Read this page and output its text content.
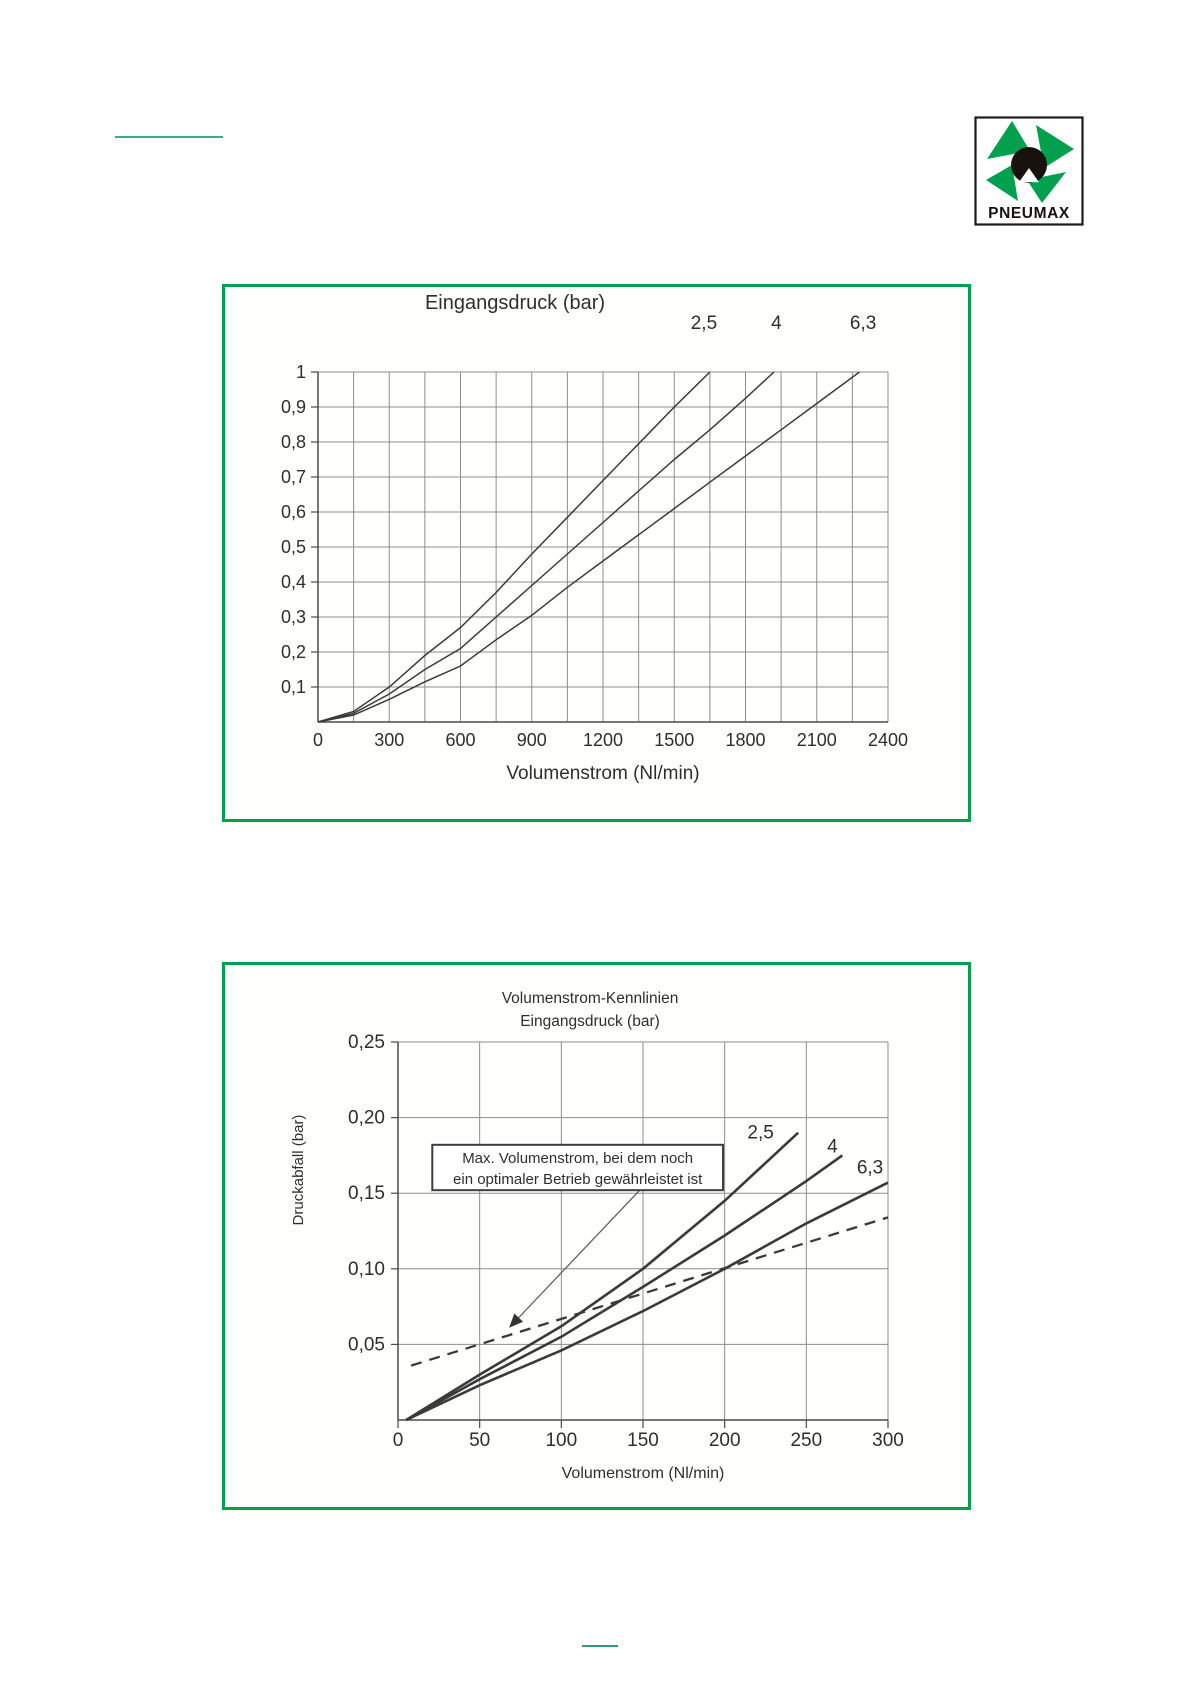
PNEUMAX
1
0,9
0,8
0,7
0,6
0,5
0,4
0,3
0,2
0,1
0	300 600 900 1200 1500 1800 2100 2400
2,5	4	6,3
Eingangsdruck (bar)
Volumenstrom (Nl/min)
0,25
0,20
0,15
0,10
0,05
0	50	100	150	200	250	300
2,5
4
6,3
Max. Volumenstrom, bei dem noch
ein optimaler Betrieb gewährleistet ist
Volumenstrom-Kennlinien
Eingangsdruck (bar)
Volumenstrom (Nl/min)
Druckabfall (bar)
